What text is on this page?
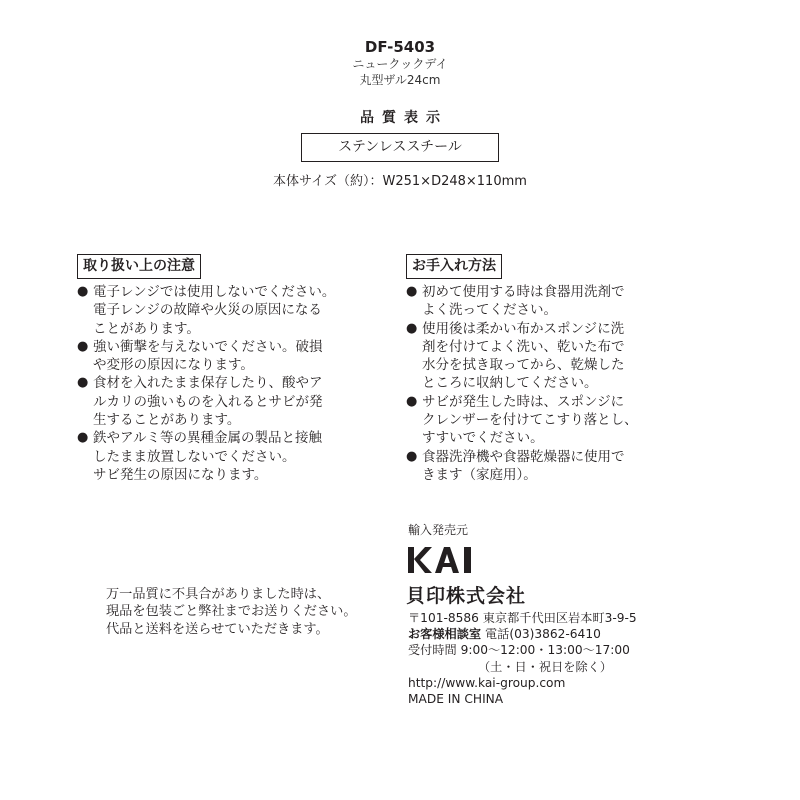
DF-5403
ニュークックデイ
丸型ザル24cm
品質表示
ステンレススチール
本体サイズ（約）：W251×D248×110mm
取り扱い上の注意
● 電子レンジでは使用しないでください。
電子レンジの故障や火災の原因になる
ことがあります。
● 強い衝撃を与えないでください。破損
や変形の原因になります。
● 食材を入れたまま保存したり、酸やア
ルカリの強いものを入れるとサビが発
生することがあります。
● 鉄やアルミ等の異種金属の製品と接触
したまま放置しないでください。
サビ発生の原因になります。
お手入れ方法
● 初めて使用する時は食器用洗剤で
よく洗ってください。
● 使用後は柔かい布かスポンジに洗
剤を付けてよく洗い、乾いた布で
水分を拭き取ってから、乾燥した
ところに収納してください。
● サビが発生した時は、スポンジに
クレンザーを付けてこすり落とし、
すすいでください。
● 食器洗浄機や食器乾燥器に使用で
きます（家庭用）。
万一品質に不具合がありました時は、
現品を包装ごと弊社までお送りください。
代品と送料を送らせていただきます。
輸入発売元
貝印株式会社
〒101-8586 東京都千代田区岩本町3-9-5
お客様相談室 電話(03)3862-6410
受付時間 9:00〜12:00・13:00〜17:00
（土・日・祝日を除く）
http://www.kai-group.com
MADE IN CHINA
